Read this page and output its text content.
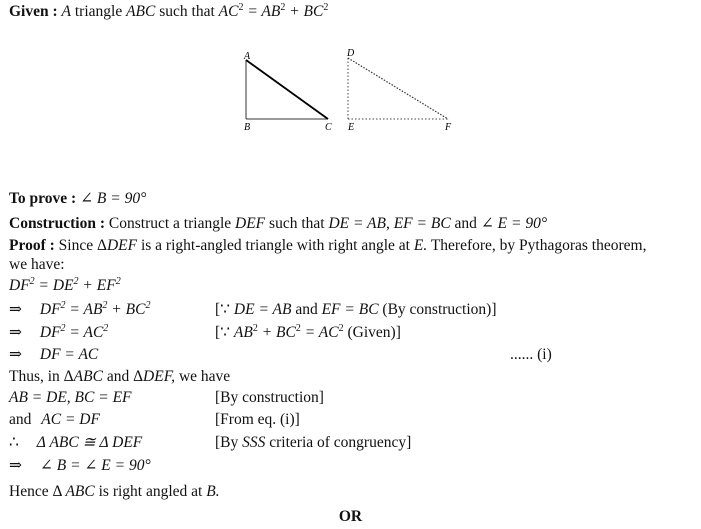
Given : A triangle ABC such that $AC^2 = AB^2 + BC^2$
A
B	C
D
E	F
To prove : ∠ B = 90°
Construction : Construct a triangle DEF such that DE = AB, EF = BC and ∠ E = 90°
Proof : Since ΔDEF is a right-angled triangle with right angle at E. Therefore, by Pythagoras theorem,
we have:
$DF^2 = DE^2 + EF^2$
⇒ $DF^2 = AB^2 + BC^2$	[∵ DE = AB and EF = BC (By construction)]
⇒ $DF^2 = AC^2$	[∵ $AB^2 + BC^2 = AC^2$ (Given)]
⇒ DF = AC	...... (i)
Thus, in ΔABC and ΔDEF, we have
AB = DE, BC = EF	[By construction]
and AC = DF	[From eq. (i)]
∴ Δ ABC ≅ Δ DEF	[By SSS criteria of congruency]
⇒ ∠ B = ∠ E = 90°
Hence Δ ABC is right angled at B.
OR
